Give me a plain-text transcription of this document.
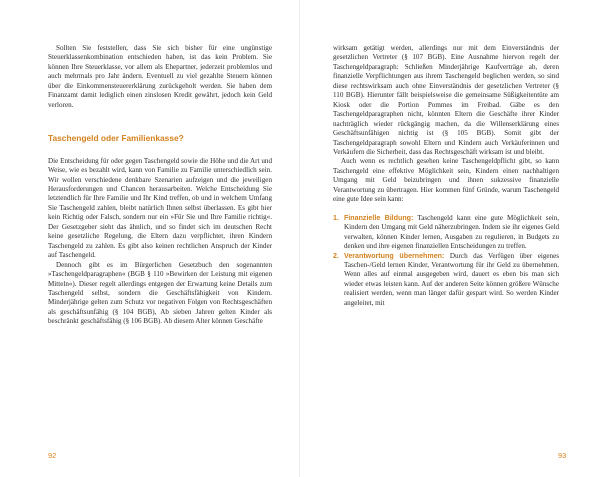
Sollten Sie feststellen, dass Sie sich bisher für eine ungünstige Steuerklassenkombination entschieden haben, ist das kein Problem. Sie können Ihre Steuerklasse, vor allem als Ehepartner, jederzeit problemlos und auch mehrmals pro Jahr ändern. Eventuell zu viel gezahlte Steuern können über die Einkommensteuererklärung zurückgeholt werden. Sie haben dem Finanzamt damit lediglich einen zinslosen Kredit gewährt, jedoch kein Geld verloren.

Taschengeld oder Familienkasse?

Die Entscheidung für oder gegen Taschengeld sowie die Höhe und die Art und Weise, wie es bezahlt wird, kann von Familie zu Familie unterschiedlich sein. Wir wollen verschiedene denkbare Szenarien aufzeigen und die jeweiligen Herausforderungen und Chancen herausarbeiten. Welche Entscheidung Sie letztendlich für Ihre Familie und Ihr Kind treffen, ob und in welchem Umfang Sie Taschengeld zahlen, bleibt natürlich Ihnen selbst überlassen. Es gibt hier kein Richtig oder Falsch, sondern nur ein »Für Sie und Ihre Familie richtig«. Der Gesetzgeber sieht das ähnlich, und so findet sich im deutschen Recht keine gesetzliche Regelung, die Eltern dazu verpflichtet, ihren Kindern Taschengeld zu zahlen. Es gibt also keinen rechtlichen Anspruch der Kinder auf Taschengeld.

Dennoch gibt es im Bürgerlichen Gesetzbuch den sogenannten »Taschengeldparagraphen« (BGB § 110 »Bewirken der Leistung mit eigenen Mitteln«). Dieser regelt allerdings entgegen der Erwartung keine Details zum Taschengeld selbst, sondern die Geschäftsfähigkeit von Kindern. Minderjährige gelten zum Schutz vor negativen Folgen von Rechtsgeschäften als geschäftsunfähig (§ 104 BGB), Ab sieben Jahren gelten Kinder als beschränkt geschäftsfähig (§ 106 BGB). Ab diesem Alter können Geschäfte

92

wirksam getätigt werden, allerdings nur mit dem Einverständnis der gesetzlichen Vertreter (§ 107 BGB). Eine Ausnahme hiervon regelt der Taschengeldparagraph: Schließen Minderjährige Kaufverträge ab, deren finanzielle Verpflichtungen aus ihrem Taschengeld beglichen werden, so sind diese rechtswirksam auch ohne Einverständnis der gesetzlichen Vertreter (§ 110 BGB). Hierunter fällt beispielsweise die gemeinsame Süßigkeitentüte am Kiosk oder die Portion Pommes im Freibad. Gäbe es den Taschengeldparagraphen nicht, könnten Eltern die Geschäfte ihrer Kinder nachträglich wieder rückgängig machen, da die Willenserklärung eines Geschäftsunfähigen nichtig ist (§ 105 BGB). Somit gibt der Taschengeldparagraph sowohl Eltern und Kindern auch Verkäuferinnen und Verkäufern die Sicherheit, dass das Rechtsgeschäft wirksam ist und bleibt.

Auch wenn es rechtlich gesehen keine Taschengeldpflicht gibt, so kann Taschengeld eine effektive Möglichkeit sein, Kindern einen nachhaltigen Umgang mit Geld beizubringen und ihnen sukzessive finanzielle Verantwortung zu übertragen. Hier kommen fünf Gründe, warum Taschengeld eine gute Idee sein kann:

1. Finanzielle Bildung: Taschengeld kann eine gute Möglichkeit sein, Kindern den Umgang mit Geld näherzubringen. Indem sie ihr eigenes Geld verwalten, können Kinder lernen, Ausgaben zu regulieren, in Budgets zu denken und ihre eigenen finanziellen Entscheidungen zu treffen.
2. Verantwortung übernehmen: Durch das Verfügen über eigenes Taschen-/Geld lernen Kinder, Verantwortung für ihr Geld zu übernehmen. Wenn alles auf einmal ausgegeben wird, dauert es eben bis man sich wieder etwas leisten kann. Auf der anderen Seite können größere Wünsche realisiert werden, wenn man länger dafür gespart wird. So werden Kinder angeleitet, mit
93
